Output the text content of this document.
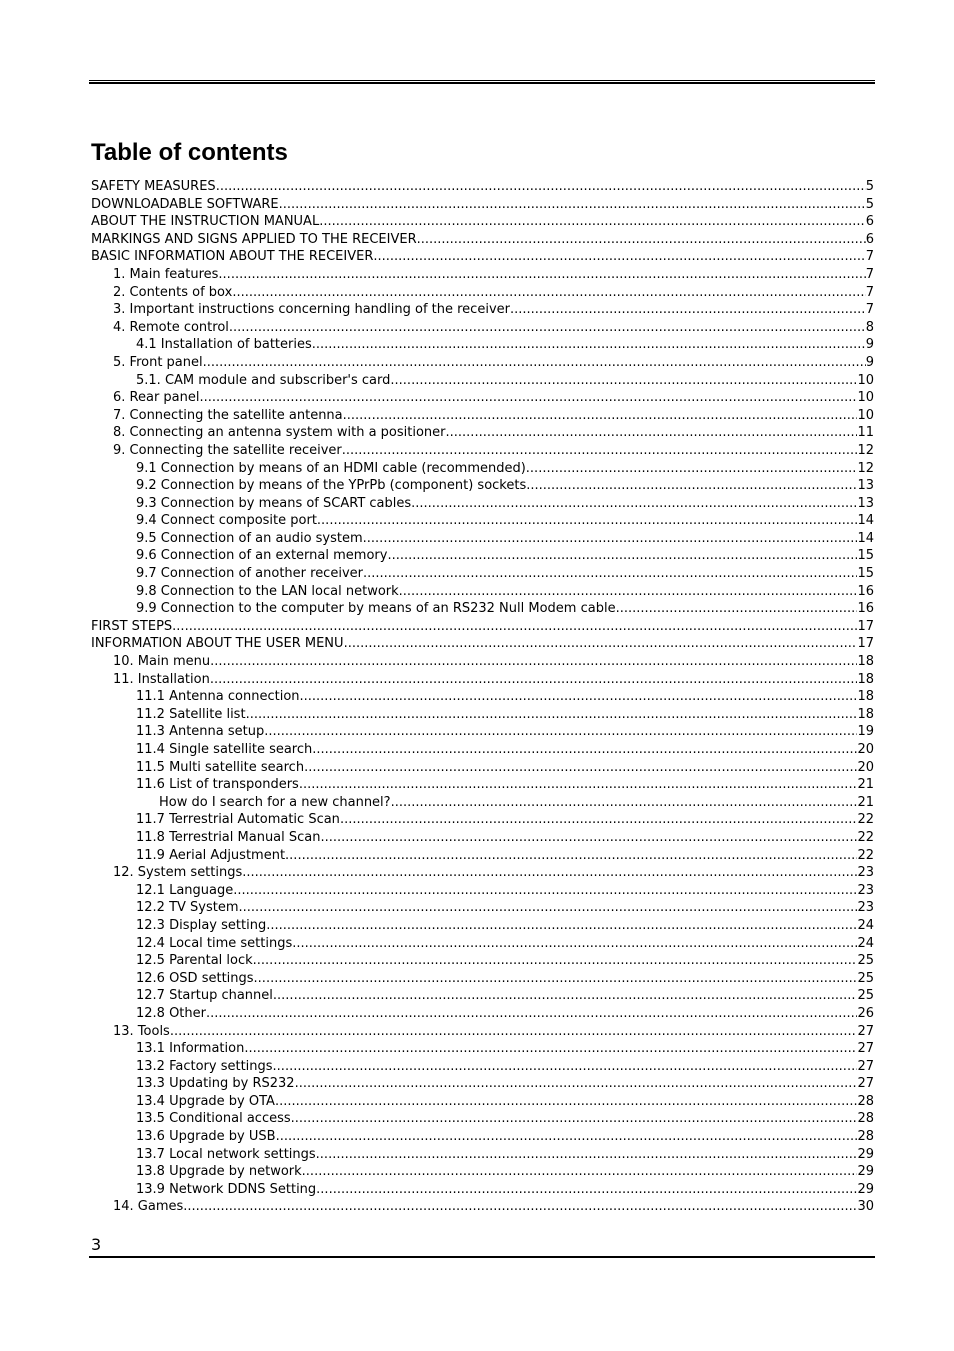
Table of contents
SAFETY MEASURES .....	5
DOWNLOADABLE SOFTWARE .....	5
ABOUT THE INSTRUCTION MANUAL .....	6
MARKINGS AND SIGNS APPLIED TO THE RECEIVER .....	6
BASIC INFORMATION ABOUT THE RECEIVER .....	7
1. Main features .....	7
2. Contents of box .....	7
3. Important instructions concerning handling of the receiver .....	7
4. Remote control .....	8
4.1 Installation of batteries .....	9
5. Front panel .....	9
5.1. CAM module and subscriber's card .....	10
6. Rear panel .....	10
7. Connecting the satellite antenna .....	10
8. Connecting an antenna system with a positioner .....	11
9. Connecting the satellite receiver .....	12
9.1 Connection by means of an HDMI cable (recommended) .....	12
9.2 Connection by means of the YPrPb (component) sockets .....	13
9.3 Connection by means of SCART cables .....	13
9.4 Connect composite port .....	14
9.5 Connection of an audio system .....	14
9.6 Connection of an external memory .....	15
9.7 Connection of another receiver .....	15
9.8 Connection to the LAN local network .....	16
9.9 Connection to the computer by means of an RS232 Null Modem cable .....	16
FIRST STEPS .....	17
INFORMATION ABOUT THE USER MENU .....	17
10. Main menu .....	18
11. Installation .....	18
11.1 Antenna connection .....	18
11.2 Satellite list .....	18
11.3 Antenna setup .....	19
11.4 Single satellite search .....	20
11.5 Multi satellite search .....	20
11.6 List of transponders .....	21
How do I search for a new channel? .....	21
11.7 Terrestrial Automatic Scan .....	22
11.8 Terrestrial Manual Scan .....	22
11.9 Aerial Adjustment .....	22
12. System settings .....	23
12.1 Language .....	23
12.2 TV System .....	23
12.3 Display setting .....	24
12.4 Local time settings .....	24
12.5 Parental lock .....	25
12.6 OSD settings .....	25
12.7 Startup channel .....	25
12.8 Other .....	26
13. Tools .....	27
13.1 Information .....	27
13.2 Factory settings .....	27
13.3 Updating by RS232 .....	27
13.4 Upgrade by OTA .....	28
13.5 Conditional access .....	28
13.6 Upgrade by USB .....	28
13.7 Local network settings .....	29
13.8 Upgrade by network .....	29
13.9 Network DDNS Setting .....	29
14. Games .....	30
3
